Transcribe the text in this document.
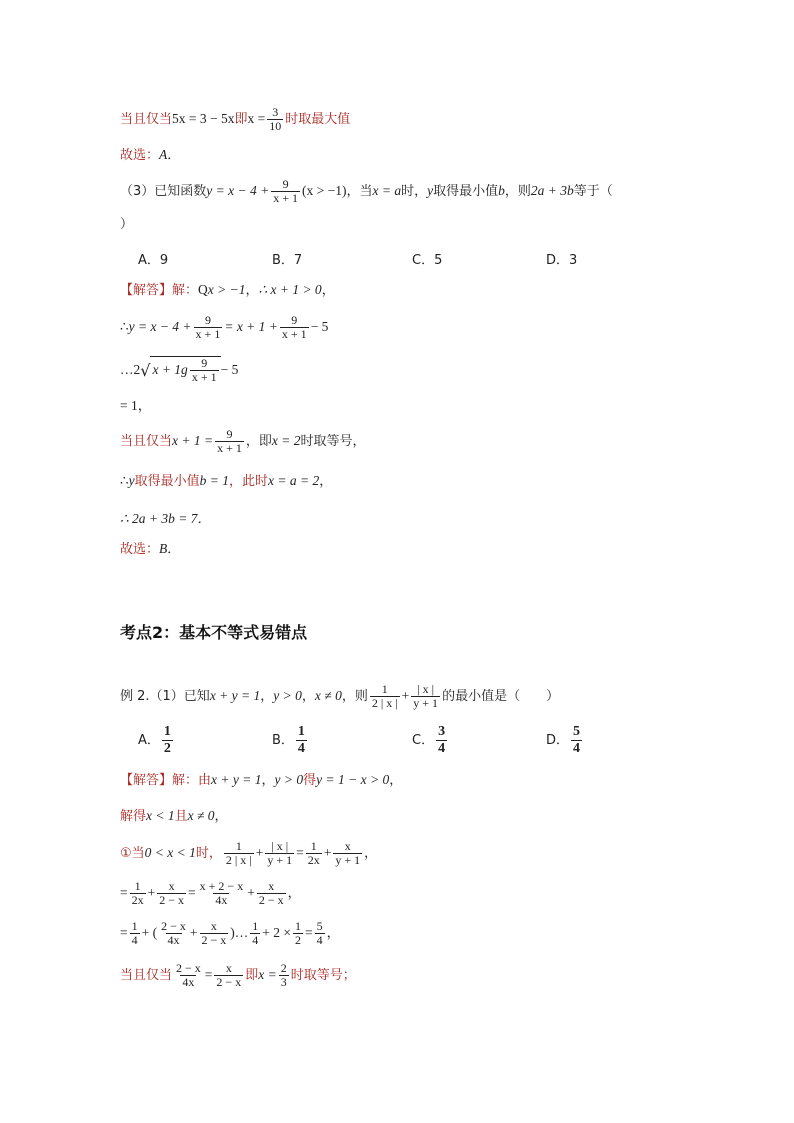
当且仅当5x = 3 − 5x即$x = \frac{3}{10}$ 时取最大值
故选：A．
（3）已知函数$y = x - 4 + \frac{9}{x + 1} (x > -1)$，当x = a时，y取得最小值b，则2a + 3b等于（
）
A．9	B．7	C．5	D．3
【解答】解：Qx > −1，∴ x + 1 > 0，
∴y = $x - 4 + \frac{9}{x + 1} = x + 1 + \frac{9}{x + 1} - 5$
…2√ $x + 1g \frac{9}{x + 1} - 5$
= 1，
当且仅当$x + 1 = \frac{9}{x + 1}$ ，即x = 2时取等号，
∴y取得最小值b = 1，此时x = a = 2，
∴ 2a + 3b = 7．
故选：B．
考点2：基本不等式易错点
例 2.（1）已知x + y = 1，y > 0，x ≠ 0，则 $\frac{1}{2 | x |} + \frac{| x |}{y + 1}$ 的最小值是（　　）
A． $\frac{1}{2}$	B． $\frac{1}{4}$	C． $\frac{3}{4}$	D． $\frac{5}{4}$
【解答】解：由x + y = 1，y > 0得y = 1 − x > 0，
解得x < 1且x ≠ 0，
①当0 < x < 1时， $\frac{1}{2 | x |} + \frac{| x |}{y + 1} = \frac{1}{2x} + \frac{x}{y + 1}$ ，
= $\frac{1}{2x} + \frac{x}{2 - x} = \frac{x + 2 - x}{4x} + \frac{x}{2 - x}$ ，
= $\frac{1}{4}$ + ( $\frac{2 - x}{4x} + \frac{x}{2 - x}$ )… $\frac{1}{4} + 2 \times \frac{1}{2} = \frac{5}{4}$ ，
当且仅当 $\frac{2 - x}{4x} = \frac{x}{2 - x}$ 即$x = \frac{2}{3}$ 时取等号；
